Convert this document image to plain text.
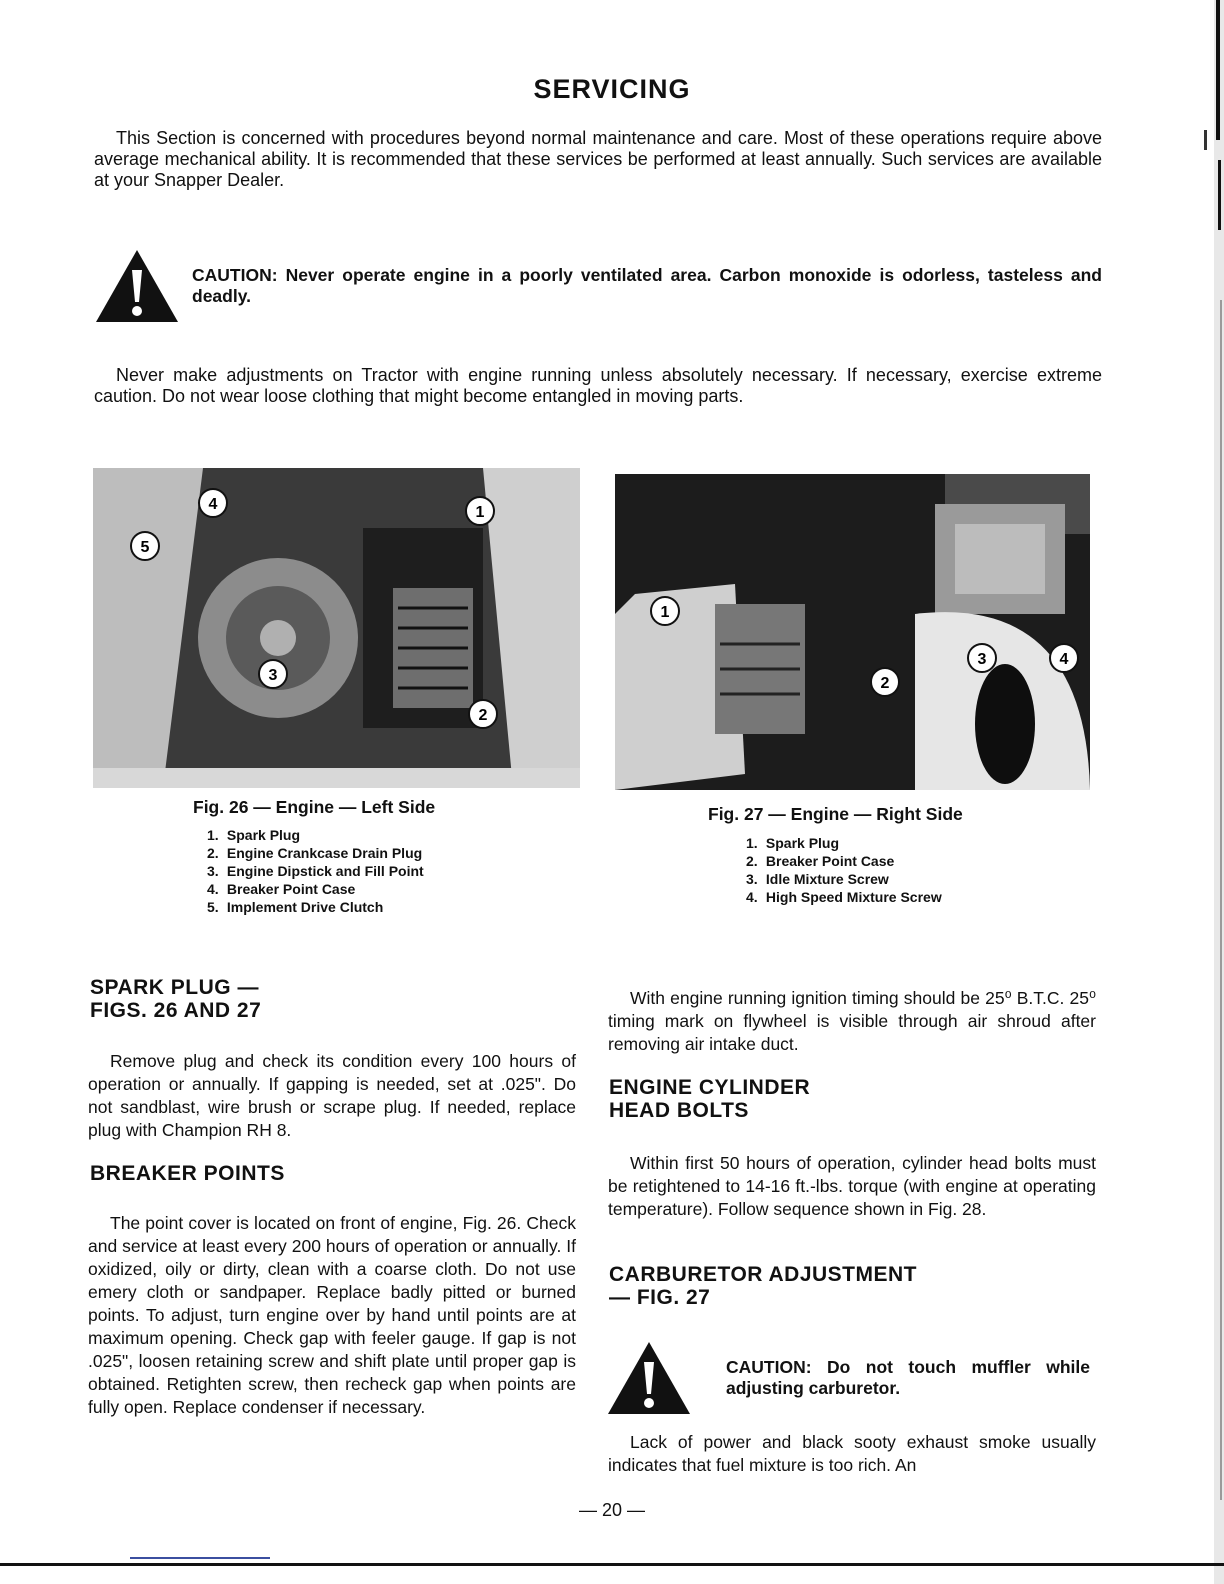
SERVICING
This Section is concerned with procedures beyond normal maintenance and care. Most of these operations require above average mechanical ability. It is recommended that these services be performed at least annually. Such services are available at your Snapper Dealer.
CAUTION: Never operate engine in a poorly ventilated area. Carbon monoxide is odorless, tasteless and deadly.
Never make adjustments on Tractor with engine running unless absolutely necessary. If necessary, exercise extreme caution. Do not wear loose clothing that might become entangled in moving parts.
4	1
5
3
2
Fig. 26 — Engine — Left Side
1. Spark Plug
2. Engine Crankcase Drain Plug
3. Engine Dipstick and Fill Point
4. Breaker Point Case
5. Implement Drive Clutch
1
2
3	4
Fig. 27 — Engine — Right Side
1. Spark Plug
2. Breaker Point Case
3. Idle Mixture Screw
4. High Speed Mixture Screw
SPARK PLUG —
FIGS. 26 AND 27
Remove plug and check its condition every 100 hours of operation or annually. If gapping is needed, set at .025". Do not sandblast, wire brush or scrape plug. If needed, replace plug with Champion RH 8.
BREAKER POINTS
The point cover is located on front of engine, Fig. 26. Check and service at least every 200 hours of operation or annually. If oxidized, oily or dirty, clean with a coarse cloth. Do not use emery cloth or sandpaper. Replace badly pitted or burned points. To adjust, turn engine over by hand until points are at maximum opening. Check gap with feeler gauge. If gap is not .025", loosen retaining screw and shift plate until proper gap is obtained. Retighten screw, then recheck gap when points are fully open. Replace condenser if necessary.
With engine running ignition timing should be 25⁰ B.T.C. 25⁰ timing mark on flywheel is visible through air shroud after removing air intake duct.
ENGINE CYLINDER
HEAD BOLTS
Within first 50 hours of operation, cylinder head bolts must be retightened to 14-16 ft.-lbs. torque (with engine at operating temperature). Follow sequence shown in Fig. 28.
CARBURETOR ADJUSTMENT
— FIG. 27
CAUTION: Do not touch muffler while adjusting carburetor.
Lack of power and black sooty exhaust smoke usually indicates that fuel mixture is too rich. An
— 20 —
